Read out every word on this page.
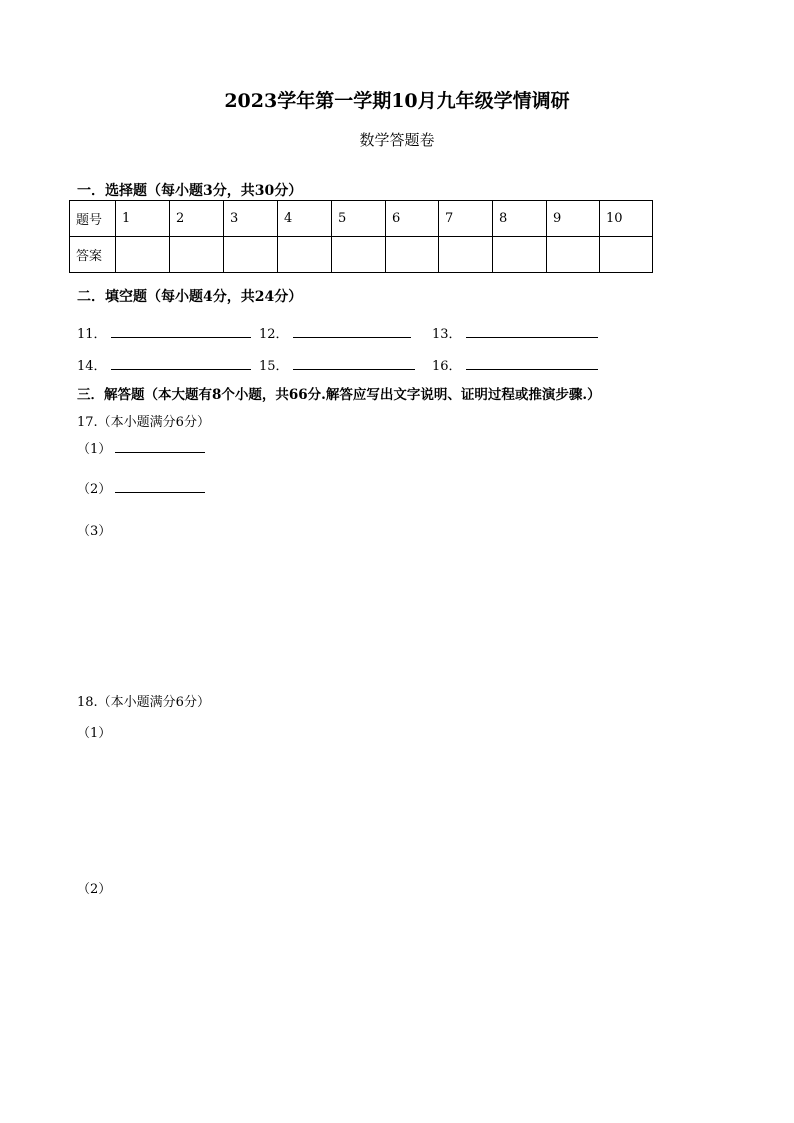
2023学年第一学期10月九年级学情调研
数学答题卷
一．选择题（每小题3分，共30分）
题号	1	2	3	4	5	6	7	8	9	10
答案										
二．填空题（每小题4分，共24分）
11．	12．	13．
14．	15．	16．
三．解答题（本大题有8个小题，共66分.解答应写出文字说明、证明过程或推演步骤.）
17.（本小题满分6分）
（1）
（2）
（3）
18.（本小题满分6分）
（1）
（2）
